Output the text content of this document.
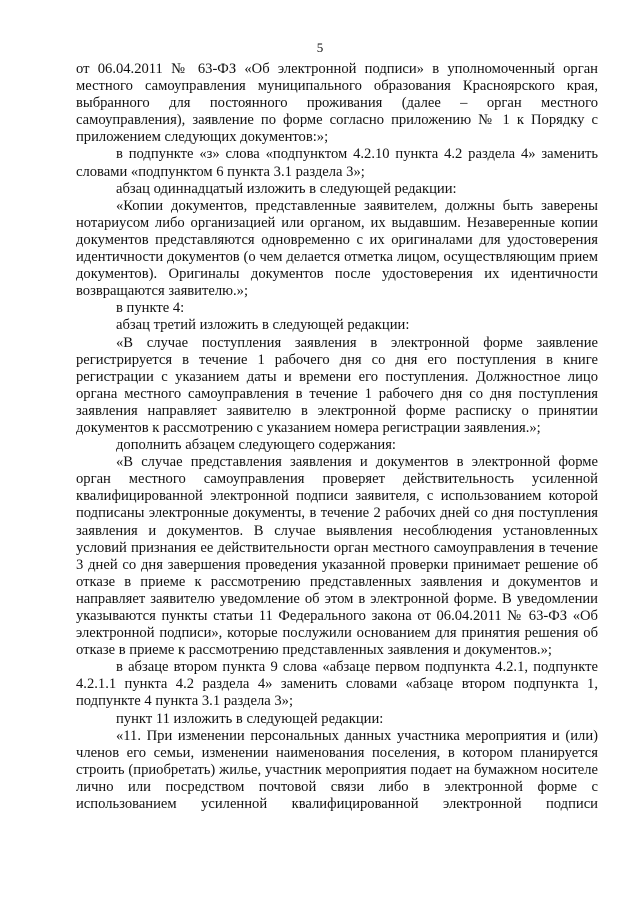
5

от 06.04.2011 № 63-ФЗ «Об электронной подписи» в уполномоченный орган местного самоуправления муниципального образования Красноярского края, выбранного для постоянного проживания (далее – орган местного самоуправления), заявление по форме согласно приложению № 1 к Порядку с приложением следующих документов:»;

в подпункте «з» слова «подпунктом 4.2.10 пункта 4.2 раздела 4» заменить словами «подпунктом 6 пункта 3.1 раздела 3»;

абзац одиннадцатый изложить в следующей редакции:

«Копии документов, представленные заявителем, должны быть заверены нотариусом либо организацией или органом, их выдавшим. Незаверенные копии документов представляются одновременно с их оригиналами для удостоверения идентичности документов (о чем делается отметка лицом, осуществляющим прием документов). Оригиналы документов после удостоверения их идентичности возвращаются заявителю.»;

в пункте 4:

абзац третий изложить в следующей редакции:

«В случае поступления заявления в электронной форме заявление регистрируется в течение 1 рабочего дня со дня его поступления в книге регистрации с указанием даты и времени его поступления. Должностное лицо органа местного самоуправления в течение 1 рабочего дня со дня поступления заявления направляет заявителю в электронной форме расписку о принятии документов к рассмотрению с указанием номера регистрации заявления.»;

дополнить абзацем следующего содержания:

«В случае представления заявления и документов в электронной форме орган местного самоуправления проверяет действительность усиленной квалифицированной электронной подписи заявителя, с использованием которой подписаны электронные документы, в течение 2 рабочих дней со дня поступления заявления и документов. В случае выявления несоблюдения установленных условий признания ее действительности орган местного самоуправления в течение 3 дней со дня завершения проведения указанной проверки принимает решение об отказе в приеме к рассмотрению представленных заявления и документов и направляет заявителю уведомление об этом в электронной форме. В уведомлении указываются пункты статьи 11 Федерального закона от 06.04.2011 № 63-ФЗ «Об электронной подписи», которые послужили основанием для принятия решения об отказе в приеме к рассмотрению представленных заявления и документов.»;

в абзаце втором пункта 9 слова «абзаце первом подпункта 4.2.1, подпункте 4.2.1.1 пункта 4.2 раздела 4» заменить словами «абзаце втором подпункта 1, подпункте 4 пункта 3.1 раздела 3»;

пункт 11 изложить в следующей редакции:

«11. При изменении персональных данных участника мероприятия и (или) членов его семьи, изменении наименования поселения, в котором планируется строить (приобретать) жилье, участник мероприятия подает на бумажном носителе лично или посредством почтовой связи либо в электронной форме с использованием усиленной квалифицированной электронной подписи
